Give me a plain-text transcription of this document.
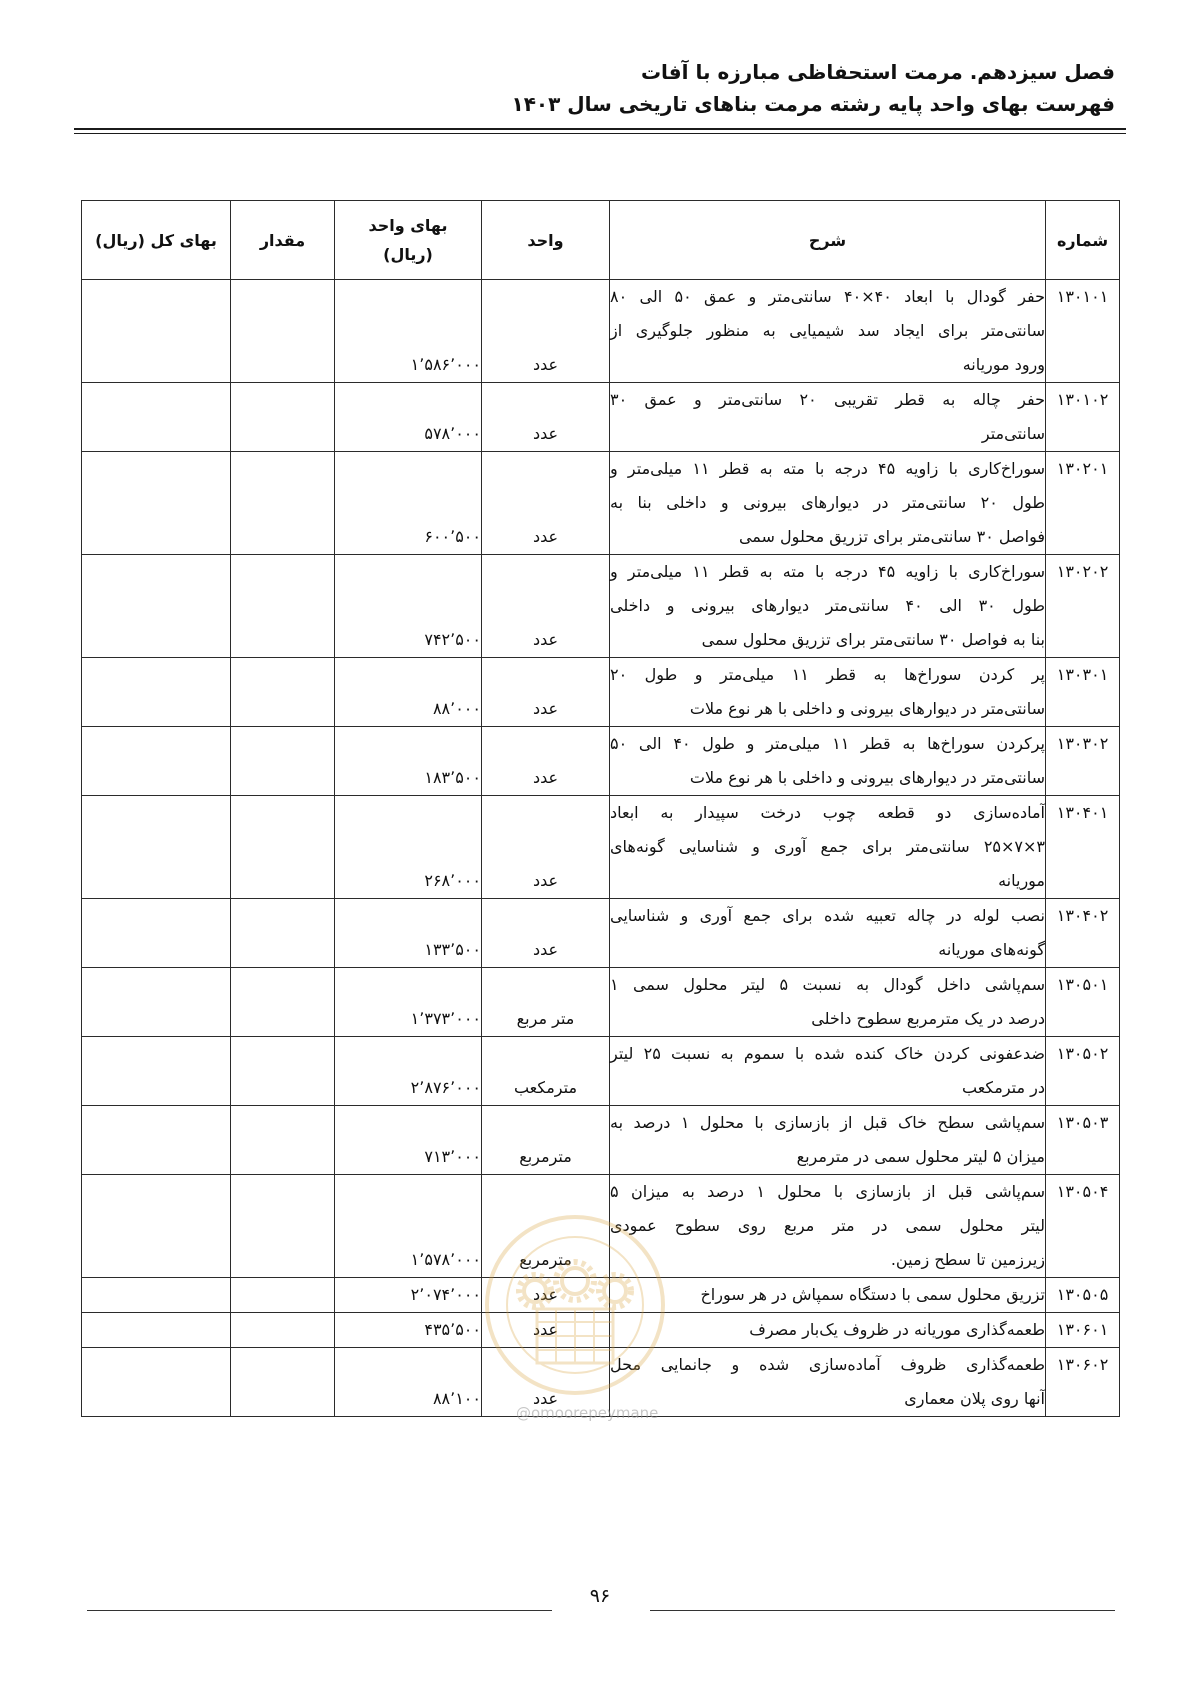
فصل سیزدهم. مرمت استحفاظی مبارزه با آفات
فهرست بهای واحد پایه رشته مرمت بناهای تاریخی سال ۱۴۰۳
شماره	شرح	واحد	بهای واحد
(ریال)	مقدار	بهای کل (ریال)

۱۳۰۱۰۱	حفر گودال با ابعاد ۴۰×۴۰ سانتی‌متر و عمق ۵۰ الی ۸۰
سانتی‌متر برای ایجاد سد شیمیایی به منظور جلوگیری از
ورود موریانه	عدد	۱٬۵۸۶٬۰۰۰		

۱۳۰۱۰۲	حفر چاله به قطر تقریبی ۲۰ سانتی‌متر و عمق ۳۰
سانتی‌متر	عدد	۵۷۸٬۰۰۰		

۱۳۰۲۰۱	سوراخ‌کاری با زاویه ۴۵ درجه با مته به قطر ۱۱ میلی‌متر و
طول ۲۰ سانتی‌متر در دیوارهای بیرونی و داخلی بنا به
فواصل ۳۰ سانتی‌متر برای تزریق محلول سمی	عدد	۶۰۰٬۵۰۰		

۱۳۰۲۰۲	سوراخ‌کاری با زاویه ۴۵ درجه با مته به قطر ۱۱ میلی‌متر و
طول ۳۰ الی ۴۰ سانتی‌متر دیوارهای بیرونی و داخلی
بنا به فواصل ۳۰ سانتی‌متر برای تزریق محلول سمی	عدد	۷۴۲٬۵۰۰		

۱۳۰۳۰۱	پر کردن سوراخ‌ها به قطر ۱۱ میلی‌متر و طول ۲۰
سانتی‌متر در دیوارهای بیرونی و داخلی با هر نوع ملات	عدد	۸۸٬۰۰۰		

۱۳۰۳۰۲	پرکردن سوراخ‌ها به قطر ۱۱ میلی‌متر و طول ۴۰ الی ۵۰
سانتی‌متر در دیوارهای بیرونی و داخلی با هر نوع ملات	عدد	۱۸۳٬۵۰۰		

۱۳۰۴۰۱	آماده‌سازی دو قطعه چوب درخت سپیدار به ابعاد
۳×۷×۲۵ سانتی‌متر برای جمع آوری و شناسایی گونه‌های
موریانه	عدد	۲۶۸٬۰۰۰		

۱۳۰۴۰۲	نصب لوله در چاله تعبیه شده برای جمع آوری و شناسایی
گونه‌های موریانه	عدد	۱۳۳٬۵۰۰		

۱۳۰۵۰۱	سم‌پاشی داخل گودال به نسبت ۵ لیتر محلول سمی ۱
درصد در یک مترمربع سطوح داخلی	متر مربع	۱٬۳۷۳٬۰۰۰		

۱۳۰۵۰۲	ضدعفونی کردن خاک کنده شده با سموم به نسبت ۲۵ لیتر
در مترمکعب	مترمکعب	۲٬۸۷۶٬۰۰۰		

۱۳۰۵۰۳	سم‌پاشی سطح خاک قبل از بازسازی با محلول ۱ درصد به
میزان ۵ لیتر محلول سمی در مترمربع	مترمربع	۷۱۳٬۰۰۰		

۱۳۰۵۰۴	سم‌پاشی قبل از بازسازی با محلول ۱ درصد به میزان ۵
لیتر محلول سمی در متر مربع روی سطوح عمودی
زیرزمین تا سطح زمین.	مترمربع	۱٬۵۷۸٬۰۰۰		

۱۳۰۵۰۵	تزریق محلول سمی با دستگاه سمپاش در هر سوراخ	عدد	۲٬۰۷۴٬۰۰۰		

۱۳۰۶۰۱	طعمه‌گذاری موریانه در ظروف یک‌بار مصرف	عدد	۴۳۵٬۵۰۰		

۱۳۰۶۰۲	طعمه‌گذاری ظروف آماده‌سازی شده و جانمایی محل
آنها روی پلان معماری	عدد	۸۸٬۱۰۰		

@omoorepeymane
۹۶
